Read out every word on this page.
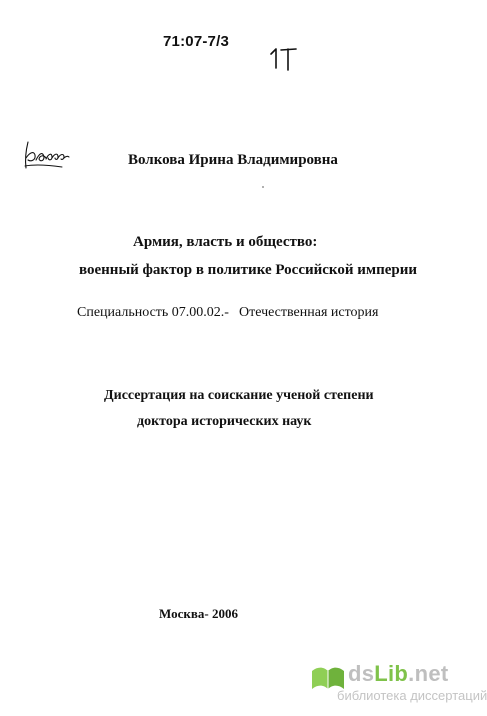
71:07-7/3
Волкова Ирина Владимировна
Армия, власть и общество:
военный фактор в политике Российской империи
Специальность 07.00.02.- Отечественная история
Диссертация на соискание ученой степени
доктора исторических наук
Москва- 2006
dsLib.net
библиотека диссертаций
